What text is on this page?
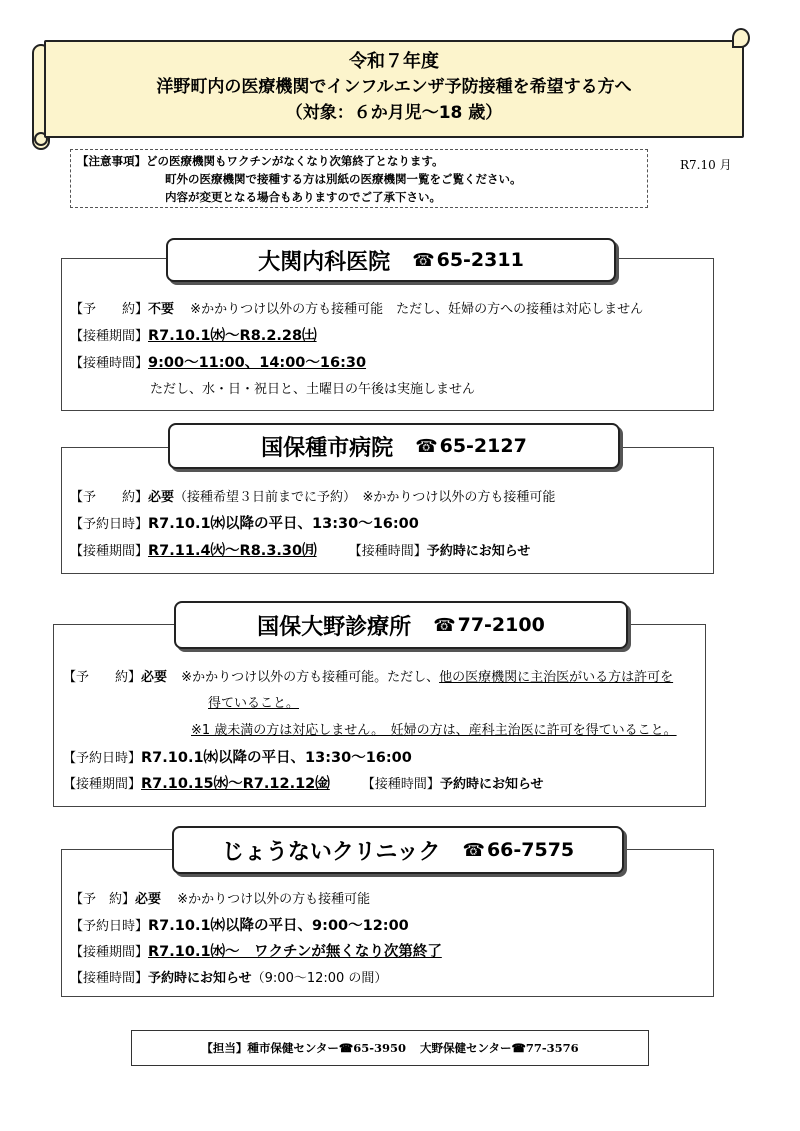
令和７年度
洋野町内の医療機関でインフルエンザ予防接種を希望する方へ
（対象：６か月児～18 歳）
【注意事項】どの医療機関もワクチンがなくなり次第終了となります。
町外の医療機関で接種する方は別紙の医療機関一覧をご覧ください。
内容が変更となる場合もありますのでご了承下さい。
R7.10 月
大関内科医院 ☎ 65-2311
【予　　約】不要 ※かかりつけ以外の方も接種可能　ただし、妊婦の方への接種は対応しません
【接種期間】R7.10.1㈬～R8.2.28㈯
【接種時間】9:00～11:00、14:00～16:30
ただし、水・日・祝日と、土曜日の午後は実施しません
国保種市病院 ☎ 65-2127
【予　　約】必要（接種希望３日前までに予約）　※かかりつけ以外の方も接種可能
【予約日時】R7.10.1㈬以降の平日、13:30～16:00
【接種期間】R7.11.4㈫～R8.3.30㈪ 【接種時間】予約時にお知らせ
国保大野診療所 ☎ 77-2100
【予　　約】必要 ※かかりつけ以外の方も接種可能。ただし、他の医療機関に主治医がいる方は許可を
得ていること。
※1 歳未満の方は対応しません。　妊婦の方は、産科主治医に許可を得ていること。
【予約日時】R7.10.1㈬以降の平日、13:30～16:00
【接種期間】R7.10.15㈬～R7.12.12㈮ 【接種時間】予約時にお知らせ
じょうないクリニック ☎ 66-7575
【予　約】必要 ※かかりつけ以外の方も接種可能
【予約日時】R7.10.1㈬以降の平日、9:00～12:00
【接種期間】R7.10.1㈬～　ワクチンが無くなり次第終了
【接種時間】予約時にお知らせ（9:00～12:00 の間）
【担当】 種市保健センター ☎ 65-3950 大野保健センター ☎ 77-3576
